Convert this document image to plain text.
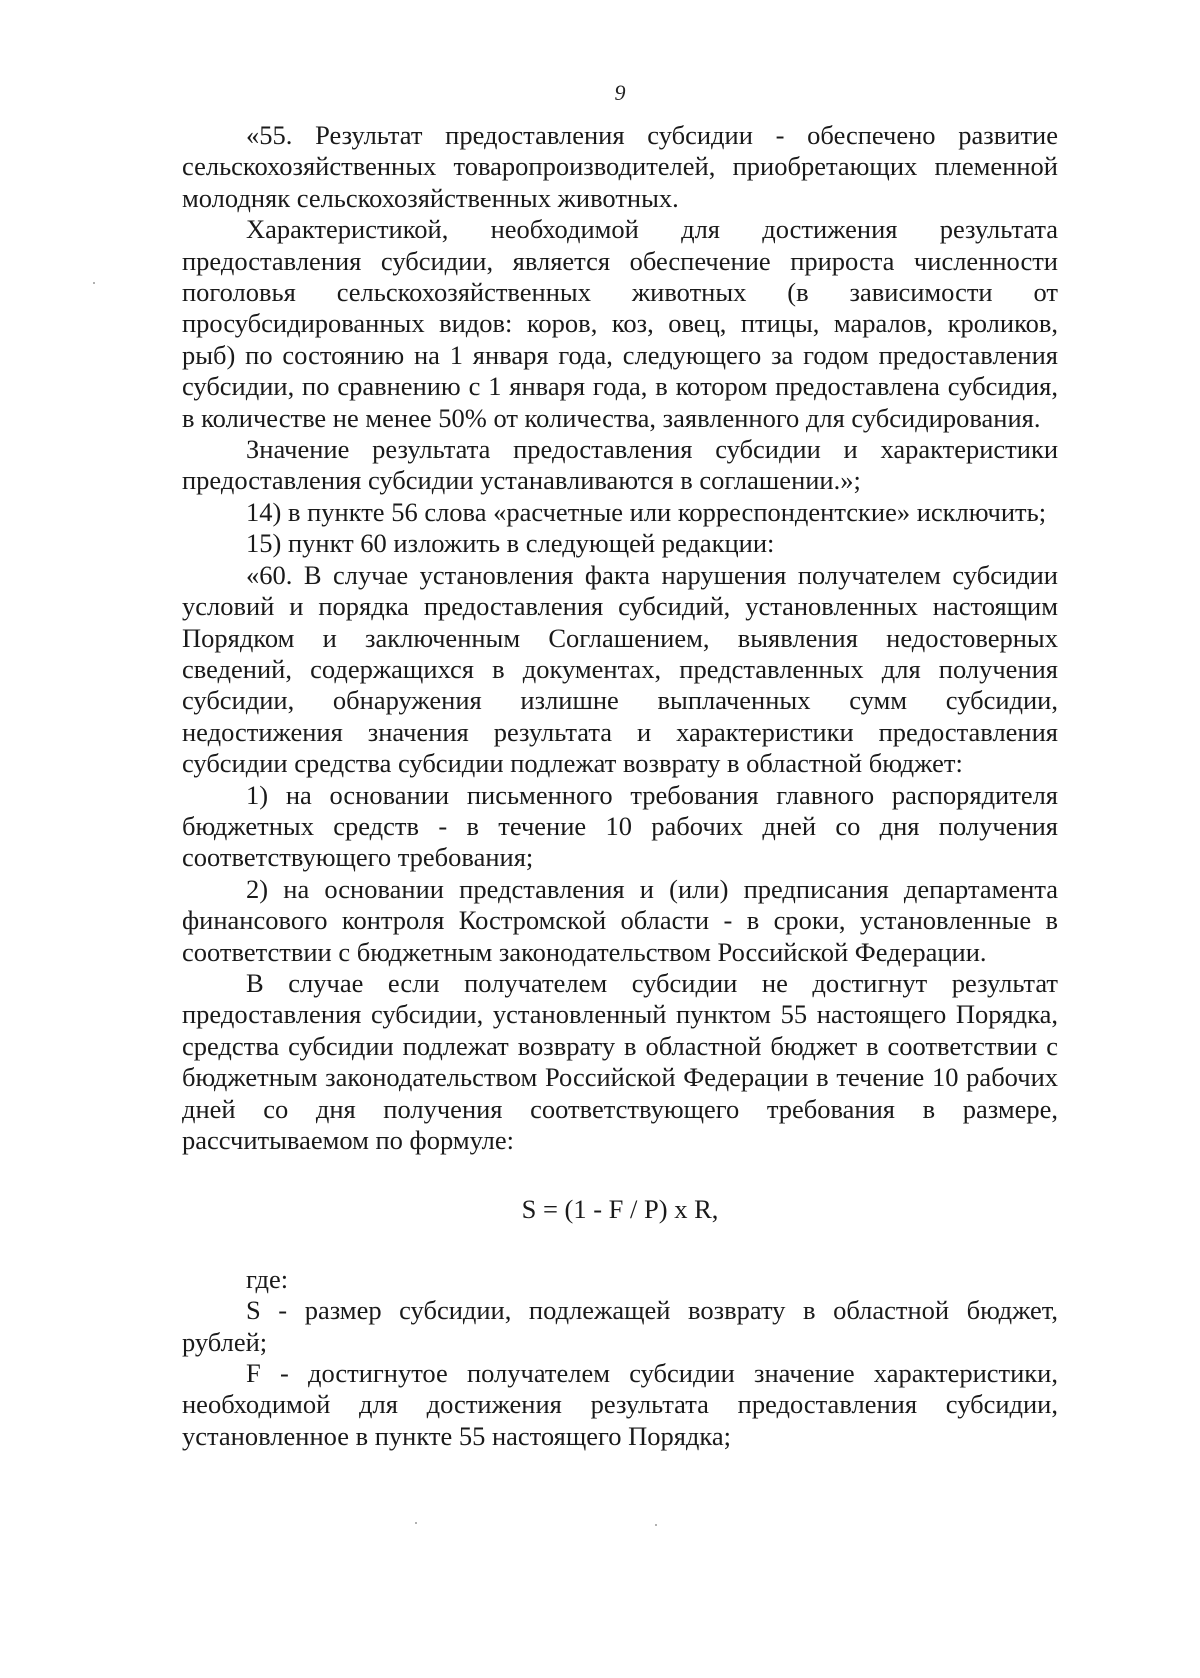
9

«55. Результат предоставления субсидии - обеспечено развитие сельскохозяйственных товаропроизводителей, приобретающих племенной молодняк сельскохозяйственных животных.

Характеристикой, необходимой для достижения результата предоставления субсидии, является обеспечение прироста численности поголовья сельскохозяйственных животных (в зависимости от просубсидированных видов: коров, коз, овец, птицы, маралов, кроликов, рыб) по состоянию на 1 января года, следующего за годом предоставления субсидии, по сравнению с 1 января года, в котором предоставлена субсидия, в количестве не менее 50% от количества, заявленного для субсидирования.

Значение результата предоставления субсидии и характеристики предоставления субсидии устанавливаются в соглашении.»;

14) в пункте 56 слова «расчетные или корреспондентские» исключить;

15) пункт 60 изложить в следующей редакции:

«60. В случае установления факта нарушения получателем субсидии условий и порядка предоставления субсидий, установленных настоящим Порядком и заключенным Соглашением, выявления недостоверных сведений, содержащихся в документах, представленных для получения субсидии, обнаружения излишне выплаченных сумм субсидии, недостижения значения результата и характеристики предоставления субсидии средства субсидии подлежат возврату в областной бюджет:

1) на основании письменного требования главного распорядителя бюджетных средств - в течение 10 рабочих дней со дня получения соответствующего требования;

2) на основании представления и (или) предписания департамента финансового контроля Костромской области - в сроки, установленные в соответствии с бюджетным законодательством Российской Федерации.

В случае если получателем субсидии не достигнут результат предоставления субсидии, установленный пунктом 55 настоящего Порядка, средства субсидии подлежат возврату в областной бюджет в соответствии с бюджетным законодательством Российской Федерации в течение 10 рабочих дней со дня получения соответствующего требования в размере, рассчитываемом по формуле:

S = (1 - F / P) x R,

где:

S - размер субсидии, подлежащей возврату в областной бюджет, рублей;

F - достигнутое получателем субсидии значение характеристики, необходимой для достижения результата предоставления субсидии, установленное в пункте 55 настоящего Порядка;
